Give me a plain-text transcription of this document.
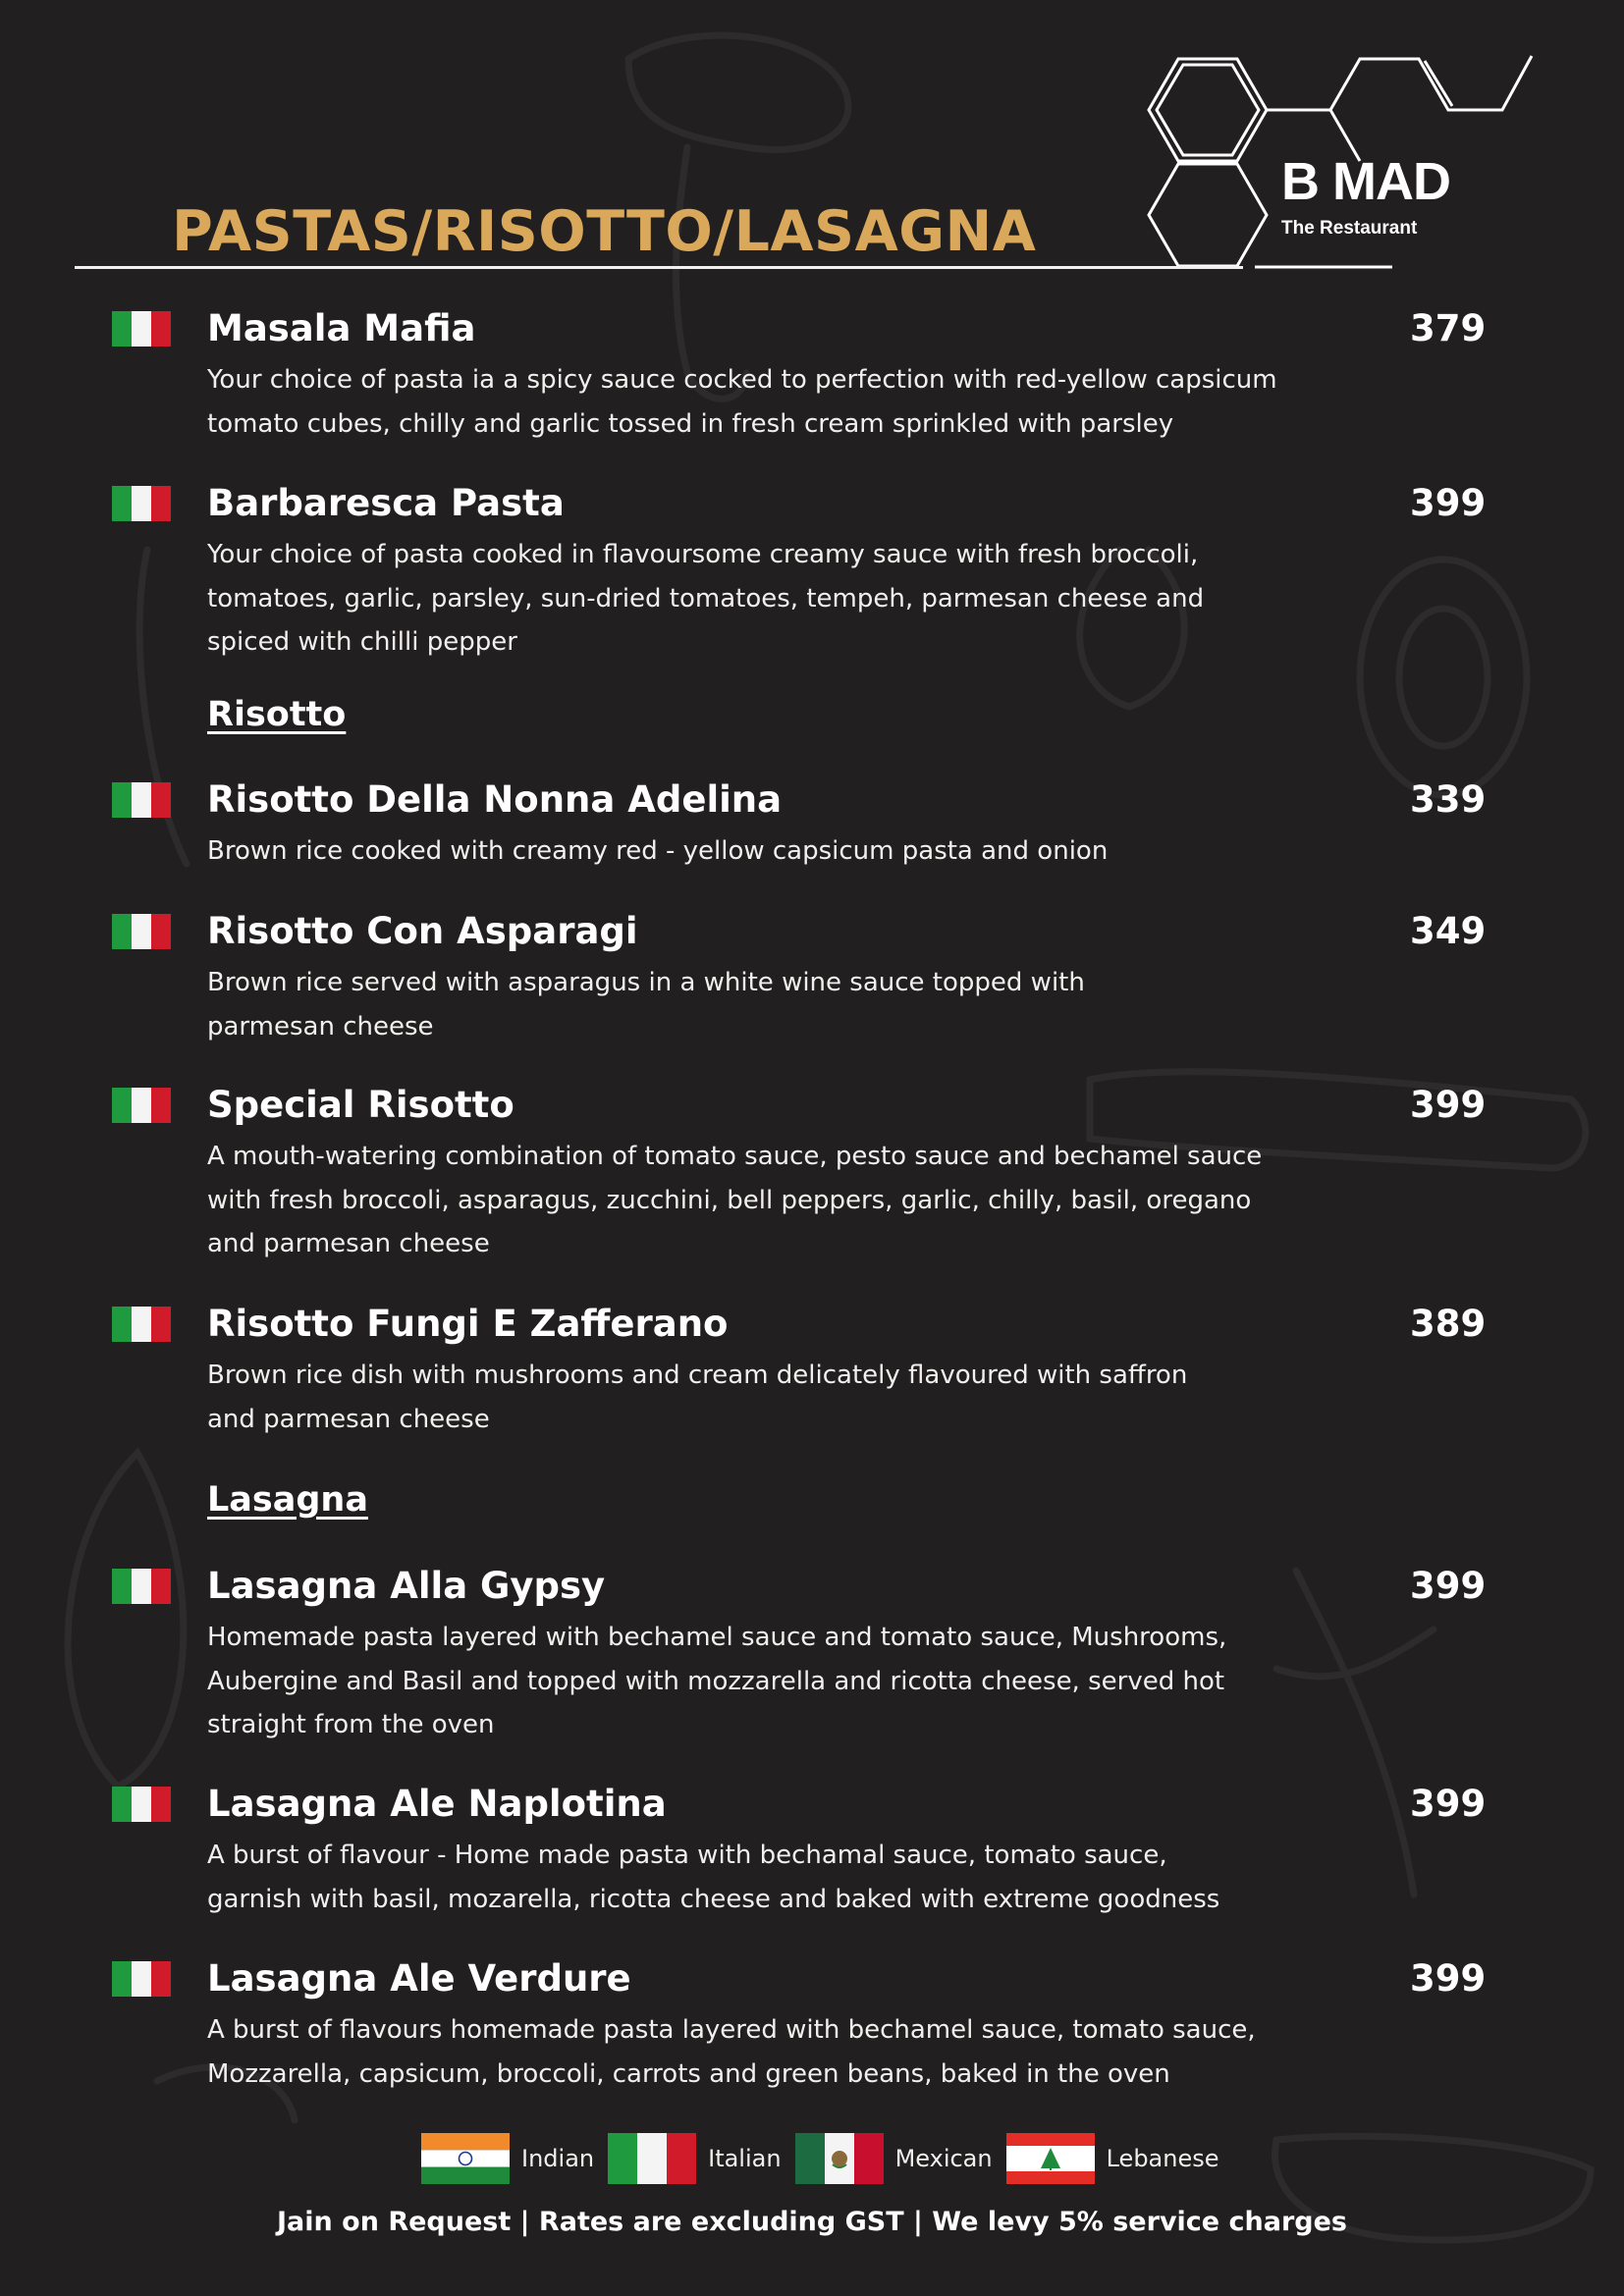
B MAD
The Restaurant
PASTAS/RISOTTO/LASAGNA
Masala Mafia	379
Your choice of pasta ia a spicy sauce cocked to perfection with red-yellow capsicum
tomato cubes, chilly and garlic tossed in fresh cream sprinkled with parsley
Barbaresca Pasta	399
Your choice of pasta cooked in flavoursome creamy sauce with fresh broccoli,
tomatoes, garlic, parsley, sun-dried tomatoes, tempeh, parmesan cheese and
spiced with chilli pepper
Risotto
Risotto Della Nonna Adelina	339
Brown rice cooked with creamy red - yellow capsicum pasta and onion
Risotto Con Asparagi	349
Brown rice served with asparagus in a white wine sauce topped with
parmesan cheese
Special Risotto	399
A mouth-watering combination of tomato sauce, pesto sauce and bechamel sauce
with fresh broccoli, asparagus, zucchini, bell peppers, garlic, chilly, basil, oregano
and parmesan cheese
Risotto Fungi E Zafferano	389
Brown rice dish with mushrooms and cream delicately flavoured with saffron
and parmesan cheese
Lasagna
Lasagna Alla Gypsy	399
Homemade pasta layered with bechamel sauce and tomato sauce, Mushrooms,
Aubergine and Basil and topped with mozzarella and ricotta cheese, served hot
straight from the oven
Lasagna Ale Naplotina	399
A burst of flavour - Home made pasta with bechamal sauce, tomato sauce,
garnish with basil, mozarella, ricotta cheese and baked with extreme goodness
Lasagna Ale Verdure	399
A burst of flavours homemade pasta layered with bechamel sauce, tomato sauce,
Mozzarella, capsicum, broccoli, carrots and green beans, baked in the oven
Indian	Italian	Mexican	Lebanese
Jain on Request | Rates are excluding GST | We levy 5% service charges
